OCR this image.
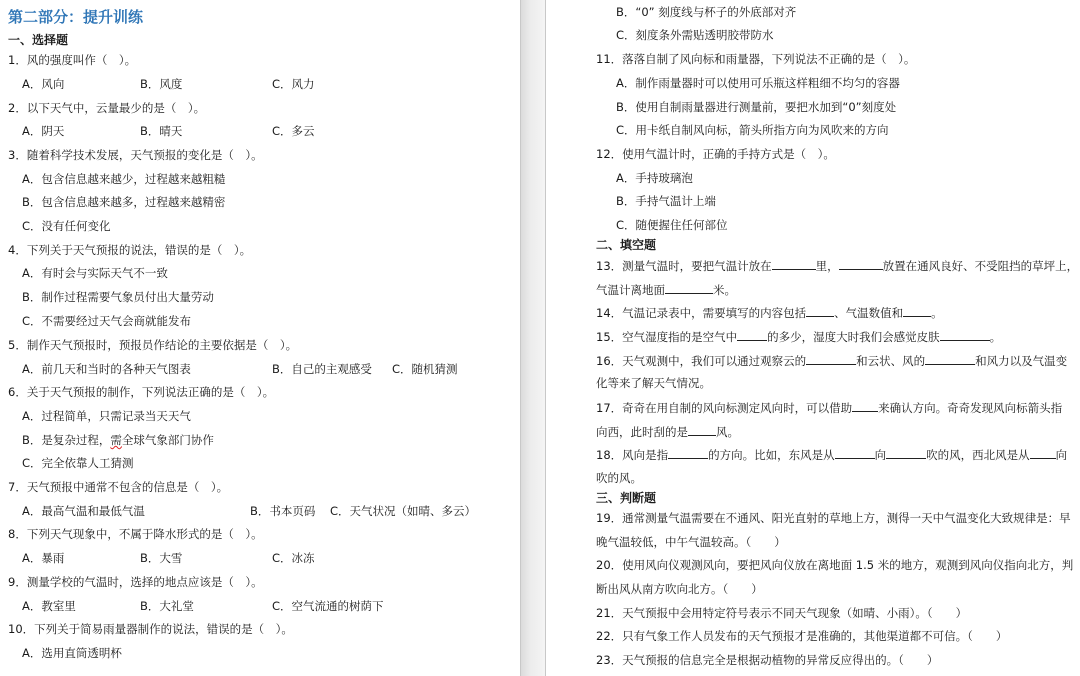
第二部分：提升训练
一、选择题
1．风的强度叫作（　）。
A．风向	B．风度	C．风力
2．以下天气中，云量最少的是（　）。
A．阴天	B．晴天	C．多云
3．随着科学技术发展，天气预报的变化是（　）。
A．包含信息越来越少，过程越来越粗糙
B．包含信息越来越多，过程越来越精密
C．没有任何变化
4．下列关于天气预报的说法，错误的是（　）。
A．有时会与实际天气不一致
B．制作过程需要气象员付出大量劳动
C．不需要经过天气会商就能发布
5．制作天气预报时，预报员作结论的主要依据是（　）。
A．前几天和当时的各种天气图表	B．自己的主观感受 C．随机猜测
6．关于天气预报的制作，下列说法正确的是（　）。
A．过程简单，只需记录当天天气
B．是复杂过程，需全球气象部门协作
C．完全依靠人工猜测
7．天气预报中通常不包含的信息是（　）。
A．最高气温和最低气温	B．书本页码 C．天气状况（如晴、多云）
8．下列天气现象中，不属于降水形式的是（　）。
A．暴雨	B．大雪	C．冰冻
9．测量学校的气温时，选择的地点应该是（　）。
A．教室里	B．大礼堂	C．空气流通的树荫下
10．下列关于简易雨量器制作的说法，错误的是（　）。
A．选用直筒透明杯
B．“0” 刻度线与杯子的外底部对齐
C．刻度条外需贴透明胶带防水
11．落落自制了风向标和雨量器，下列说法不正确的是（　）。
A．制作雨量器时可以使用可乐瓶这样粗细不均匀的容器
B．使用自制雨量器进行测量前，要把水加到“0”刻度处
C．用卡纸自制风向标，箭头所指方向为风吹来的方向
12．使用气温计时，正确的手持方式是（　）。
A．手持玻璃泡
B．手持气温计上端
C．随便握住任何部位
二、填空题
13．测量气温时，要把气温计放在	里，	放置在通风良好、不受阻挡的草坪上，
气温计离地面	米。
14．气温记录表中，需要填写的内容包括 、气温数值和 。
15．空气湿度指的是空气中	的多少，湿度大时我们会感觉皮肤	。
16．天气观测中，我们可以通过观察云的	和云状、风的	和风力以及气温变
化等来了解天气情况。
17．奇奇在用自制的风向标测定风向时，可以借助 来确认方向。奇奇发现风向标箭头指
向西，此时刮的是 风。
18．风向是指	的方向。比如，东风是从	向	吹的风，西北风是从 向
吹的风。
三、判断题
19．通常测量气温需要在不通风、阳光直射的草地上方，测得一天中气温变化大致规律是：早
晚气温较低，中午气温较高。（　　）
20．使用风向仪观测风向，要把风向仪放在离地面 1.5 米的地方，观测到风向仪指向北方，判
断出风从南方吹向北方。（　　）
21．天气预报中会用特定符号表示不同天气现象（如晴、小雨）。（　　）
22．只有气象工作人员发布的天气预报才是准确的，其他渠道都不可信。（　　）
23．天气预报的信息完全是根据动植物的异常反应得出的。（　　）
